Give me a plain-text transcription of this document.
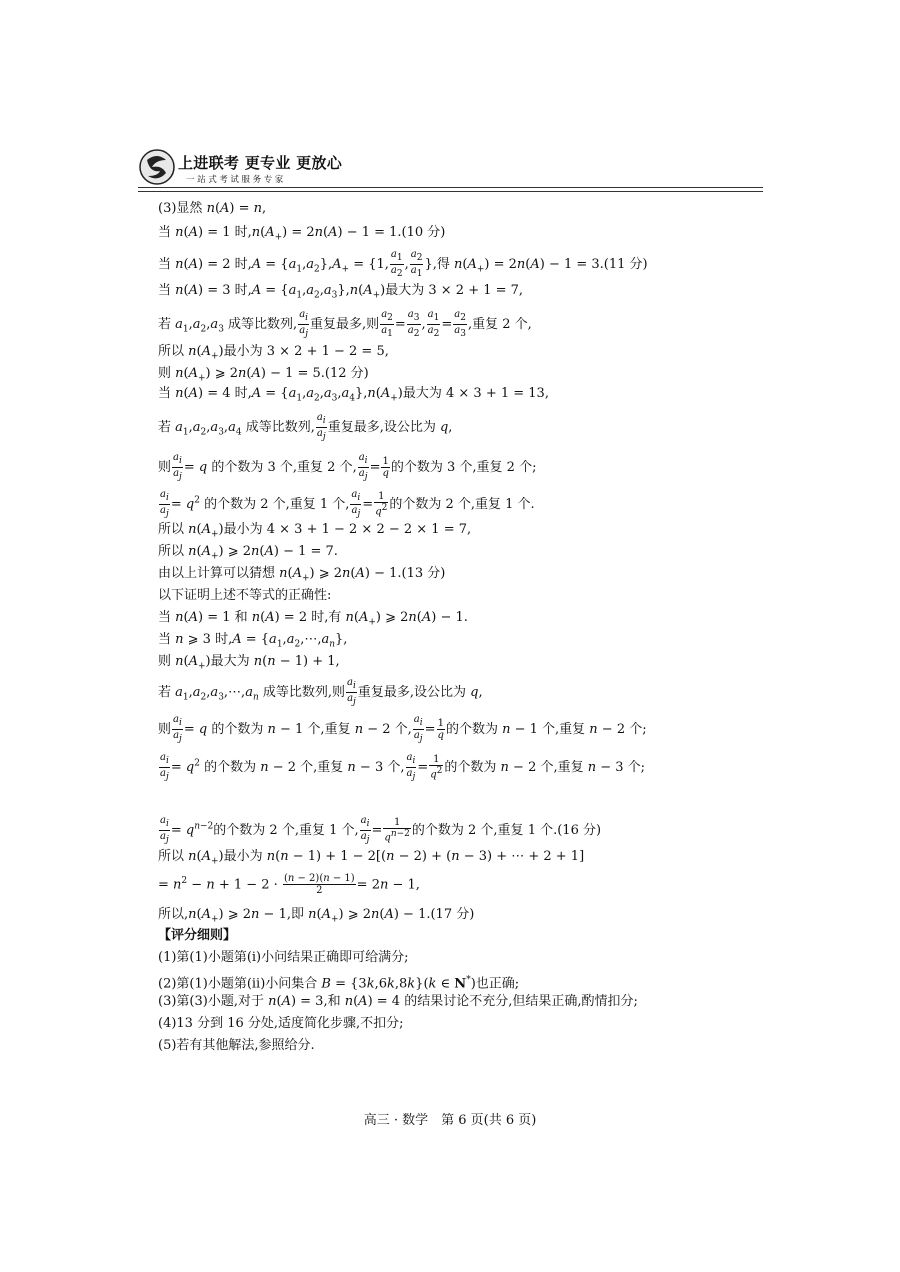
上进联考 更专业 更放心
一站式考试服务专家
(3)显然 n(A) = n,
当 n(A) = 1 时$,n(A_+) = 2n(A) - 1 = 1.(10$ 分)
当 n(A) = 2 时$,A = \{a_1,a_2\},A_+ = \{1$, $\frac{a_1}{a_2}$ , $\frac{a_2}{a_1}$ },得 $n(A_+) = 2n(A) - 1 = 3.(11$ 分)
当 n(A) = 3 时$,A = \{a_1,a_2,a_3\},n(A_+)$最大为 3 × 2 + 1 = 7,
若 $a_1,a_2,a_3$ 成等比数列, $\frac{a_i}{a_j}$ 重复最多,则 $\frac{a_2}{a_1} = \frac{a_3}{a_2}$ , $\frac{a_1}{a_2} = \frac{a_2}{a_3}$ ,重复 2 个,
所以 $n(A_+)$最小为 3 × 2 + 1 − 2 = 5,
则 $n(A_+)$ ⩾ 2n(A) − 1 = 5.(12 分)
当 n(A) = 4 时$,A = \{a_1,a_2,a_3,a_4\},n(A_+)$最大为 4 × 3 + 1 = 13,
若 $a_1,a_2,a_3,a_4$ 成等比数列, $\frac{a_i}{a_j}$ 重复最多,设公比为 q,
则 $\frac{a_i}{a_j} = q$ 的个数为 3 个,重复 2 个, $\frac{a_i}{a_j} = \frac{1}{q}$ 的个数为 3 个,重复 2 个;
$\frac{a_i}{a_j} = q^2$ 的个数为 2 个,重复 1 个, $\frac{a_i}{a_j} = \frac{1}{q^2}$ 的个数为 2 个,重复 1 个.
所以 $n(A_+)$最小为 4 × 3 + 1 − 2 × 2 − 2 × 1 = 7,
所以 $n(A_+)$ ⩾ 2n(A) − 1 = 7.
由以上计算可以猜想 $n(A_+)$ ⩾ 2n(A) − 1.(13 分)
以下证明上述不等式的正确性:
当 n(A) = 1 和 n(A) = 2 时,有 $n(A_+)$ ⩾ 2n(A) − 1.
当 n ⩾ 3 时$,A = \{a_1,a_2,\cdots,a_n\}$,
则 $n(A_+)$最大为 n(n − 1) + 1,
若 $a_1,a_2,a_3,\cdots,a_n$ 成等比数列,则 $\frac{a_i}{a_j}$ 重复最多,设公比为 q,
则 $\frac{a_i}{a_j} = q$ 的个数为 n − 1 个,重复 n − 2 个, $\frac{a_i}{a_j} = \frac{1}{q}$ 的个数为 n − 1 个,重复 n − 2 个;
$\frac{a_i}{a_j} = q^2$ 的个数为 n − 2 个,重复 n − 3 个, $\frac{a_i}{a_j} = \frac{1}{q^2}$ 的个数为 n − 2 个,重复 n − 3 个;
$\frac{a_i}{a_j} = q^{n-2}$的个数为 2 个,重复 1 个, $\frac{a_i}{a_j} = \frac{1}{q^{n-2}}$ 的个数为 2 个,重复 1 个.(16 分)
所以 $n(A_+)$最小为 n(n − 1) + 1 − 2[(n − 2) + (n − 3) + ⋯ + 2 + 1]
= $n^2 - n + 1 - 2 \cdot \frac{(n - 2)(n - 1)}{2} = 2n - 1$,
所以$,n(A_+)$ ⩾ 2n − 1,即 $n(A_+)$ ⩾ 2n(A) − 1.(17 分)
【评分细则】
(1)第(1)小题第(i)小问结果正确即可给满分;
(2)第(1)小题第(ii)小问集合 B = {3k,6k,8k}(k ∈ N*)也正确;
(3)第(3)小题,对于 n(A) = 3,和 n(A) = 4 的结果讨论不充分,但结果正确,酌情扣分;
(4)13 分到 16 分处,适度简化步骤,不扣分;
(5)若有其他解法,参照给分.
高三 · 数学　第 6 页(共 6 页)
